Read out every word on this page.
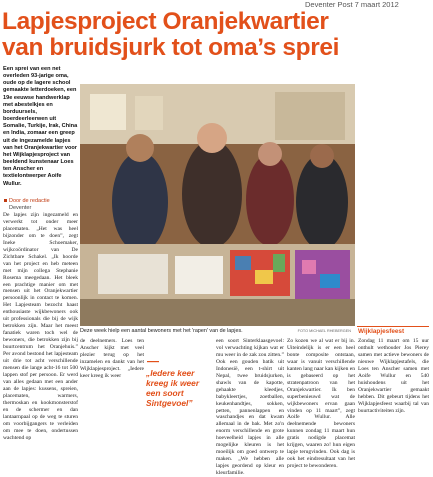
Deventer Post 7 maart 2012
Lapjesproject Oranjekwartier
van bruidsjurk tot oma’s sprei
Een sprei van een net overleden 93-jarige oma, oude op de lagere school gemaakte letterdoeken, een 19e eeuwse handwerklap met abestelkjes en borduursels, boerdeerleerwen uit Somalie, Turkije, Irak, China en India, zomaar een greep uit de ingezamelde lapjes van het Oranjekwartier voor het Wijklapjesproject van beeldend kunstenaar Loes ten Anscher en textielontwerper Aoife Wullur.
Door de redactie
Deventer

De lapjes zijn ingezameld en verwerkt tot onder meer placematen. „Het was heel bijzonder om te doen”, zegt Ineke Schoemaker, wijkcoördinator van De Zichtbare Schakel. „Ik hoorde van het project en heb meteen met mijn collega Stephanie Rosema meegedaan. Het bleek een prachtige manier om met mensen uit het Oranjekwartier persoonlijk in contact te komen. Het Lapjesteam bezocht haast enthousiaste wijkbewoners ook uit professionals die bij de wijk betrokken zijn. Maar het meest fanatiek waren toch wel de bewoners, die betrokken zijn bij buurtcentrum het Oranjehuis.” Per avond bestond het lapjesteam uit drie tot acht verschillende mensen die lange acht-16 tot 500 lappen stof per persoon. Er werd van alles gedaan met een ander aan de lapjes: kussens, spreien, placematen, warmers, thermoskan en kookmonsterstof en de schermer en dan lantaarnpaal op de weg te sturen om voorbijgangers te verleiden om mee te doen, ondertussen wachtend op

Deze week hielp een aantal bewoners met het 'rapen' van de lapjes.	FOTO MICHAEL RHEBERGEN

de deelnemers. Loes ten Anscher kijkt met veel plezier terug op het inzamelen en dankt van het Wijklapjesproject. „Iedere keer kreeg ik weer	„Iedere keer kreeg ik weer een soort Sintgevoel”

een soort Sinterklaasgevoel: vol verwachting kijkan wat er mu weer in de zak zou zitten.” Ook een gouden batik uit Indonesië, een t-shirt uit Nepal, twee bruidsjurken, shawls van de kapotte, gehaakte kleedjes, babykleertjes, zoetballen, keukenhandtjes, sokken, petten, pannenlappen en waschandjes en dat kwam allemaal in de bak. Met zo'n enorm verschillende en grote hoeveelheid lapjes in alle mogelijke kleuren is het moeilijk om goed ontwerp te maken. „We hebben alle lapjes geordend op kleur en kleurfamilie.

Zo kozen we al wat er bij in. Uiteindelijk is er een heel bonte composite ontstaan, waar is vanuit verschillende kanten lang naar kan kijken en is gebaseerd op het stratenpatroon van het Oranjekwartier. Ik ben superbenieuwd wat de wijkbewoners ervan gaan vinden op 11 maart”, zegt Aoife Wullur. Alle deelnemende bewoners kunnen zondag 11 maart hun gratis nodigde placemat krijgen, waaren zo! hun eigen lapje terugvinden. Ook dag is ook het eindresultaat van het project te bewonderen.

Wijklapjesfeest
Zondag 11 maart om 15 uur onthult wethouder Jos Pierey samen met actieve bewoners de nieuwe Wijklapjestafels, die Loes ten Anscher samen met Aoife Wullur en 540 huishoudens uit het Oranjekwartier gemaakt hebben. Dit gebeurt tijdens het Wijklapjesfeest waarbij tal van buurtactiviteiten zijn.
